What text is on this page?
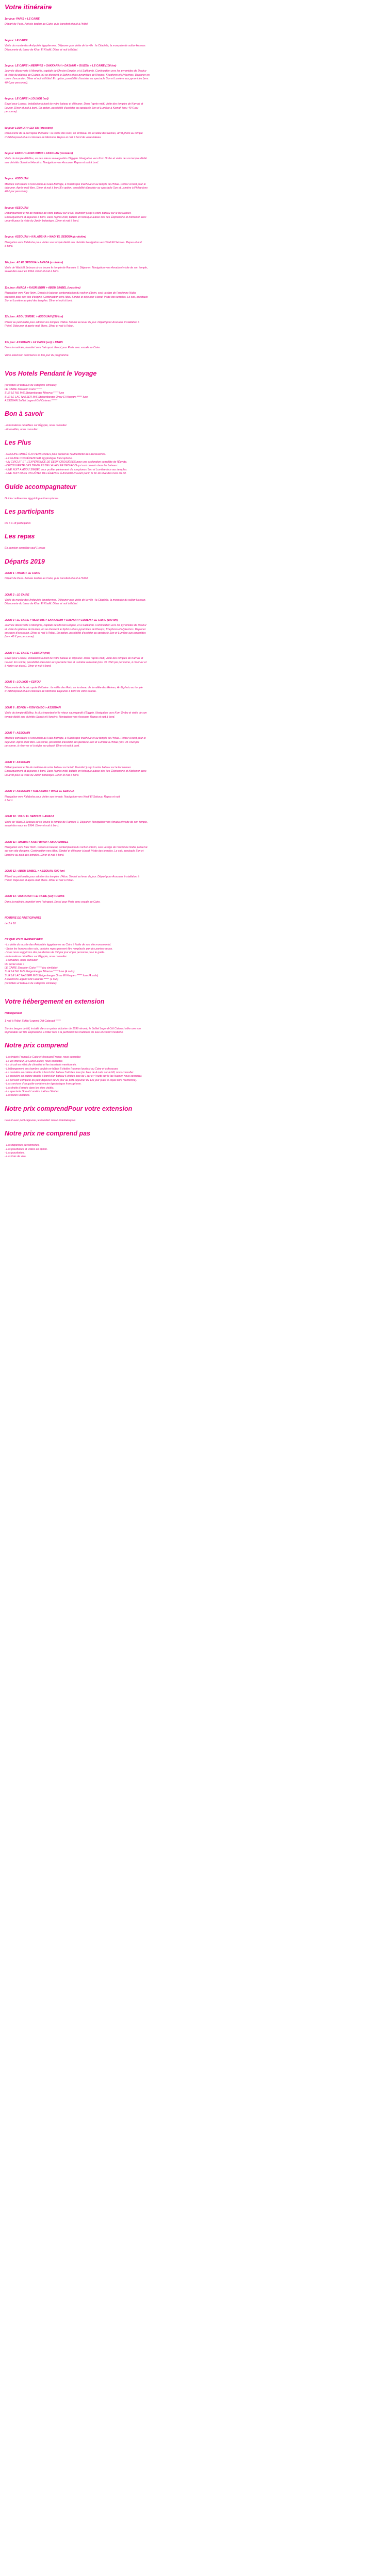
Votre itinéraire
1er jour: PARIS > LE CAIRE
Départ de Paris. Arrivée tardive au Caire, puis transfert et nuit à l'hôtel.
2e jour: LE CAIRE
Visite du musée des Antiquités égyptiennes. Déjeuner puis visite de la ville : la Citadelle, la mosquée de sultan Hassan.
Découverte du bazar de Khan El Khalili. Dîner et nuit à l'hôtel.
3e jour: LE CAIRE > MEMPHIS > SAKKARAH > DASHUR > GUIZEH > LE CAIRE (100 km)
Journée découverte à Memphis, capitale de l'Ancien Empire, et à Sakkarah. Continuation vers les pyramides de Dashur
et visite du plateau de Guizeh, où se dressent le Sphinx et les pyramides de Kheops, Khephren et Mykerinos. Déjeuner en
cours d'excursion. Dîner et nuit à l'hôtel. En option, possibilité d'assister au spectacle Son et Lumière aux pyramides (env.
40 € par personne).
4e jour: LE CAIRE > LOUXOR (vol)
Envol pour Louxor. Installation à bord de votre bateau et déjeuner. Dans l'après-midi, visite des temples de Karnak et
Louxor. Dîner et nuit à bord. En option, possibilité d'assister au spectacle Son et Lumière à Karnak (env. 40 € par
personne).
5e jour: LOUXOR > EDFOU (croisière)
Découverte de la nécropole thébaine : la vallée des Rois, un tombeau de la vallée des Reines, Arrêt photo au temple
d'Hatshepsout et aux colosses de Memnon. Repas et nuit à bord de votre bateau.
6e jour: EDFOU > KOM OMBO > ASSOUAN (croisière)
Visite du temple d'Edfou, un des mieux sauvegardés d'Égypte. Navigation vers Kom Ombo et visite de son temple dédié
aux divinités Sobek et Haroëris. Navigation vers Assouan. Repas et nuit à bord.
7e jour: ASSOUAN
Matinée consacrée à l'excursion au Haut-Barrage, à l'Obélisque inachevé et au temple de Philae. Retour à bord pour le
déjeuner. Après-midi libre. Dîner et nuit à bord.En option, possibilité d'assister au spectacle Son et Lumière à Philae (env.
40 € par personne).
8e jour: ASSOUAN
Débarquement et fin de matinée de votre bateau sur le Nil. Transfert jusqu'à votre bateau sur le lac Nasser.
Embarquement et déjeuner à bord. Dans l'après-midi, balade en felouque autour des îles Éléphantine et Kitchener avec
un arrêt pour la visite du Jardin botanique. Dîner et nuit à bord.
9e jour: ASSOUAN > KALABSHA > WADI EL SEBOUA (croisière)
Navigation vers Kalabsha pour visiter son temple dédié aux divinités Navigation vers Wadi El Seboua. Repas et nuit
à bord.
10e jour: AD EL SEBOUA > AMADA (croisière)
Visite de Wadi El Seboua où se trouve le temple de Ramsès II. Déjeuner. Navigation vers Amada et visite de son temple,
sauvé des eaux en 1964. Dîner et nuit à bord.
11e jour: AMADA > KASR IBRIM > ABOU SIMBEL (croisière)
Navigation vers Kasr Ibrim. Depuis le bateau, contemplation du rocher d'Ibrim, seul vestige de l'ancienne Nubie
préservé pour son site d'origine. Continuation vers Abou Simbel et déjeuner à bord. Visite des temples. Le soir, spectacle
Son et Lumière au pied des temples. Dîner et nuit à bord.
12e jour: ABOU SIMBEL > ASSOUAN (290 km)
Réveil au petit matin pour admirer les temples d'Abou Simbel au lever du jour. Départ pour Assouan. Installation à
l'hôtel. Déjeuner et après-midi libres. Dîner et nuit à l'hôtel.
13e jour: ASSOUAN > LE CAIRE (vol) > PARIS
Dans la matinée, transfert vers l'aéroport. Envol pour Paris avec escale au Caire.

Votre extension commence le 13e jour du programme.
Vos Hotels Pendant le Voyage
(ou hôtels et bateaux de catégorie similaire)
LE CAIRE Sheraton Cairo *****
SUR LE NIL M/S Steigenberger Minerva ***** luxe
SUR LE LAC NASSER M/S Steigenberger Omar El Khayam ***** luxe
ASSOUAN Sofitel Legend Old Cataract *****
Bon à savoir
- Informations détaillées sur l'Égypte, nous consulter.
- Formalités, nous consulter.
Les Plus
- GROUPE LIMITÉ À 20 PERSONNES pour préserver l'authenticité des découvertes.
- LE GUIDE CONFÉRENCIER égyptologue francophone.
- UN CIRCUIT ET L'EXPÉRIENCE DE DEUX CROISIÈRES pour une exploration complète de l'Égypte.
- DÉCOUVERTE DES TEMPLES DE LA VALLÉE DES ROIS qui sont ouverts dans les bateaux.
- UNE NUIT À ABOU SIMBEL pour profiter pleinement du somptueux Son et Lumière face aux temples.
- UNE NUIT DANS UN HÔTEL DE LÉGENDE À ASSOUAN avant partir, le fer de rêve des rives du Nil.
Guide accompagnateur
Guide conférencier égyptologue francophone.
Les participants
De 6 à 18 participants
Les repas
En pension complète sauf 1 repas
Départs 2019
JOUR 1 : PARIS > LE CAIRE
Départ de Paris. Arrivée tardive au Caire, puis transfert et nuit à l'hôtel.
JOUR 2 : LE CAIRE
Visite du musée des Antiquités égyptiennes. Déjeuner puis visite de la ville : la Citadelle, la mosquée du sultan Hassan.
Découverte du bazar de Khan El Khalili. Dîner et nuit à l'hôtel.
JOUR 3 : LE CAIRE > MEMPHIS > SAKKARAH > DASHUR > GUIZEH > LE CAIRE (100 km)
Journée découverte à Memphis, capitale de l'Ancien Empire, et à Sakkarah. Continuation vers les pyramides de Dashur
et visite du plateau de Guizeh, où se dressent le Sphinx et les pyramides de Kheops, Khephren et Mykerinos. Déjeuner
en cours d'excursion. Dîner et nuit à l'hôtel. En option, possibilité d'assister au spectacle Son et Lumière aux pyramides
(env. 40 € par personne).
JOUR 4 : LE CAIRE > LOUXOR (vol)
Envol pour Louxor. Installation à bord de votre bateau et déjeuner. Dans l'après-midi, visite des temples de Karnak et
Louxor. En soirée, possibilité d'assister au spectacle Son et Lumière à Karnak (env. 35 USD par personne, à réserver et
à régler sur place). Dîner et nuit à bord.
JOUR 5 : LOUXOR > EDFOU
Découverte de la nécropole thébaine : la vallée des Rois, un tombeau de la vallée des Reines, Arrêt photo au temple
d'Hatshepsout et aux colosses de Memnon. Déjeuner à bord de votre bateau.
JOUR 6 : EDFOU > KOM OMBO > ASSOUAN
Visite du temple d'Edfou, le plus important et le mieux sauvegardé d'Égypte. Navigation vers Kom Ombo et visite de son
temple dédié aux divinités Sobek et Haroëris. Navigation vers Assouan. Repas et nuit à bord.
JOUR 7 : ASSOUAN
Matinée consacrée à l'excursion au Haut-Barrage, à l'Obélisque inachevé et au temple de Philae. Retour à bord pour le
déjeuner. Après-midi libre. En soirée, possibilité d'assister au spectacle Son et Lumière à Philae (env. 35 USD par
personne, à réserver et à régler sur place). Dîner et nuit à bord.
JOUR 8 : ASSOUAN
Débarquement et fin de matinée de votre bateau sur le Nil. Transfert jusqu'à votre bateau sur le lac Nasser.
Embarquement et déjeuner à bord. Dans l'après-midi, balade en felouque autour des îles Éléphantine et Kitchener avec
un arrêt pour la visite du Jardin botanique. Dîner et nuit à bord.
JOUR 9 : ASSOUAN > KALABSHA > WADI EL SEBOUA
Navigation vers Kalabsha pour visiter son temple. Navigation vers Wadi El Seboua. Repas et nuit
à bord.
JOUR 10 : WADI EL SEBOUA > AMADA
Visite de Wadi El Seboua où se trouve le temple de Ramsès II. Déjeuner. Navigation vers Amada et visite de son temple,
sauvé des eaux en 1964. Dîner et nuit à bord.
JOUR 11 : AMADA > KASR IBRIM > ABOU SIMBEL
Navigation vers Kasr Ibrim. Depuis le bateau, contemplation du rocher d'Ibrim, seul vestige de l'ancienne Nubie préservé
sur son site d'origine. Continuation vers Abou Simbel et déjeuner à bord. Visite des temples. Le soir, spectacle Son et
Lumière au pied des temples. Dîner et nuit à bord.
JOUR 12 : ABOU SIMBEL > ASSOUAN (290 km)
Réveil au petit matin pour admirer les temples d'Abou Simbel au lever du jour. Départ pour Assouan. Installation à
l'hôtel. Déjeuner et après-midi libres. Dîner et nuit à l'hôtel.
JOUR 13 : ASSOUAN > LE CAIRE (vol) > PARIS
Dans la matinée, transfert vers l'aéroport. Envol pour Paris avec escale au Caire.
NOMBRE DE PARTICIPANTS
de 2 à 18
CE QUE VOUS GAGNEZ RIEN
- La visite du musée des Antiquités égyptiennes au Caire à l'aide de son site monumental.
- Selon les horaires des vols, certains repas peuvent être remplacés par des paniers-repas.
- Vous nous suggérons des pourboires de 3 € par jour et par personne pour le guide.
- Informations détaillées sur l'Égypte, nous consulter.
- Formalités, nous consulter.
Où serez-vous ?
LE CAIRE Sheraton Cairo ***** (ou similaire)
SUR LE NIL M/S Steigenberger Minerva ***** luxe (4 nuits)
SUR LE LAC NASSER M/S Steigenberger Omar El Khayam ***** luxe (4 nuits)
ASSOUAN Legend Old Cataract ***** (1 nuit)
(ou hôtels et bateaux de catégorie similaire)
Votre hébergement en extension
Hébergement

1 nuit à l'hôtel Sofitel Legend Old Cataract *****

Sur les berges du Nil, installé dans un palais victorien de 1899 rénové, le Sofitel Legend Old Cataract offre une vue
imprenable sur l'île Éléphantine. L'hôtel relie à la perfection les traditions de luxe et confort moderne.
Notre prix comprend
- Les trajets France/Le Caire et Assouan/France, nous consulter.
- Le vol intérieur Le Caire/Louxor, nous consulter.
- La circuit en véhicule climatisé et les transferts mentionnés.
- L'hébergement en chambre double en hôtels 5 étoiles (normes locales) au Caire et à Assouan.
- La croisière en cabine double à bord d'un bateau 5 étoiles luxe (ou bien de 4 nuits sur le Nil, nous consulter.
- La croisière en cabine double à bord d'un bateau 5 étoiles luxe du 1 fer et 4 nuits sur le lac Nasser, nous consulter.
- La pension complète du petit-déjeuner du 2e jour au petit-déjeuner du 13e jour (sauf le repas libre mentionné).
- Les services d'un guide-conférencier égyptologue francophone.
- Les droits d'entrée dans les sites visités.
- Le spectacle Son et Lumière à Abou Simbel.
- Les taxes variables.
Notre prix comprendPour votre extension
La nuit avec petit-déjeuner, le transfert retour hôtel/aéroport.
Notre prix ne comprend pas
- Les dépenses personnelles.
- Les pourboires et visites en option.
- Les pourboires.
- Les frais de visa.
